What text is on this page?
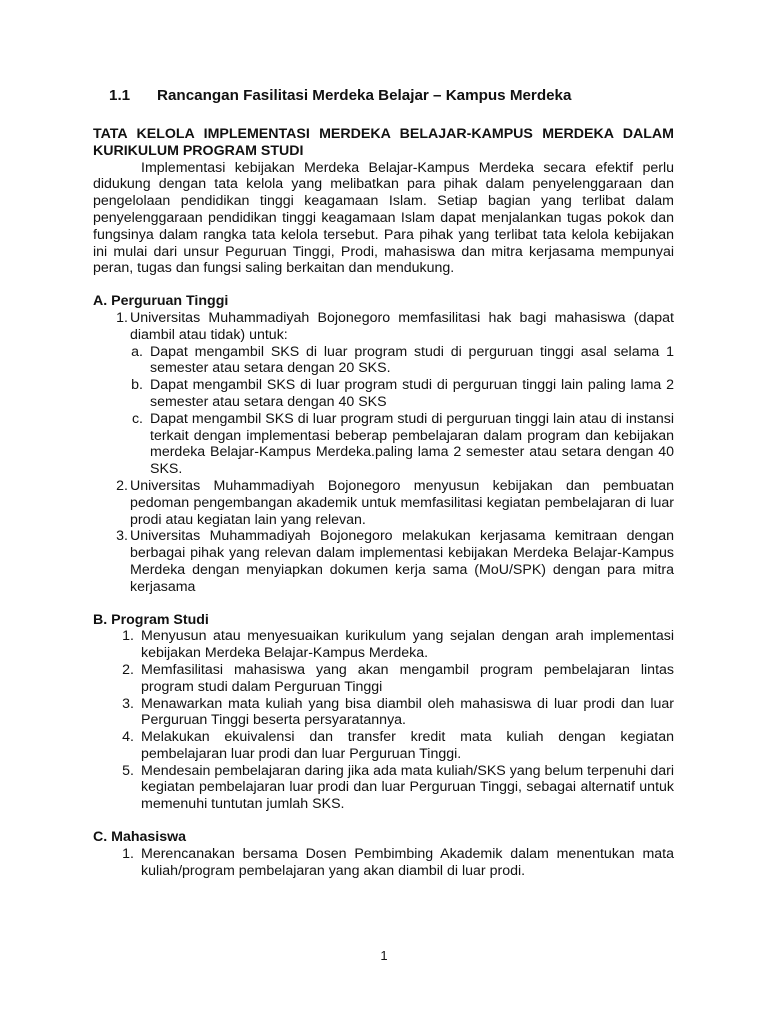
1.1 Rancangan Fasilitasi Merdeka Belajar – Kampus Merdeka

TATA KELOLA IMPLEMENTASI MERDEKA BELAJAR-KAMPUS MERDEKA DALAM KURIKULUM PROGRAM STUDI

Implementasi kebijakan Merdeka Belajar-Kampus Merdeka secara efektif perlu didukung dengan tata kelola yang melibatkan para pihak dalam penyelenggaraan dan pengelolaan pendidikan tinggi keagamaan Islam. Setiap bagian yang terlibat dalam penyelenggaraan pendidikan tinggi keagamaan Islam dapat menjalankan tugas pokok dan fungsinya dalam rangka tata kelola tersebut. Para pihak yang terlibat tata kelola kebijakan ini mulai dari unsur Peguruan Tinggi, Prodi, mahasiswa dan mitra kerjasama mempunyai peran, tugas dan fungsi saling berkaitan dan mendukung.

A. Perguruan Tinggi
1. Universitas Muhammadiyah Bojonegoro memfasilitasi hak bagi mahasiswa (dapat diambil atau tidak) untuk:
a. Dapat mengambil SKS di luar program studi di perguruan tinggi asal selama 1 semester atau setara dengan 20 SKS.
b. Dapat mengambil SKS di luar program studi di perguruan tinggi lain paling lama 2 semester atau setara dengan 40 SKS
c. Dapat mengambil SKS di luar program studi di perguruan tinggi lain atau di instansi terkait dengan implementasi beberap pembelajaran dalam program dan kebijakan merdeka Belajar-Kampus Merdeka.paling lama 2 semester atau setara dengan 40 SKS.
2. Universitas Muhammadiyah Bojonegoro menyusun kebijakan dan pembuatan pedoman pengembangan akademik untuk memfasilitasi kegiatan pembelajaran di luar prodi atau kegiatan lain yang relevan.
3. Universitas Muhammadiyah Bojonegoro melakukan kerjasama kemitraan dengan berbagai pihak yang relevan dalam implementasi kebijakan Merdeka Belajar-Kampus Merdeka dengan menyiapkan dokumen kerja sama (MoU/SPK) dengan para mitra kerjasama
B. Program Studi
1. Menyusun atau menyesuaikan kurikulum yang sejalan dengan arah implementasi kebijakan Merdeka Belajar-Kampus Merdeka.
2. Memfasilitasi mahasiswa yang akan mengambil program pembelajaran lintas program studi dalam Perguruan Tinggi
3. Menawarkan mata kuliah yang bisa diambil oleh mahasiswa di luar prodi dan luar Perguruan Tinggi beserta persyaratannya.
4. Melakukan ekuivalensi dan transfer kredit mata kuliah dengan kegiatan pembelajaran luar prodi dan luar Perguruan Tinggi.
5. Mendesain pembelajaran daring jika ada mata kuliah/SKS yang belum terpenuhi dari kegiatan pembelajaran luar prodi dan luar Perguruan Tinggi, sebagai alternatif untuk memenuhi tuntutan jumlah SKS.
C. Mahasiswa
1. Merencanakan bersama Dosen Pembimbing Akademik dalam menentukan mata kuliah/program pembelajaran yang akan diambil di luar prodi.
1
